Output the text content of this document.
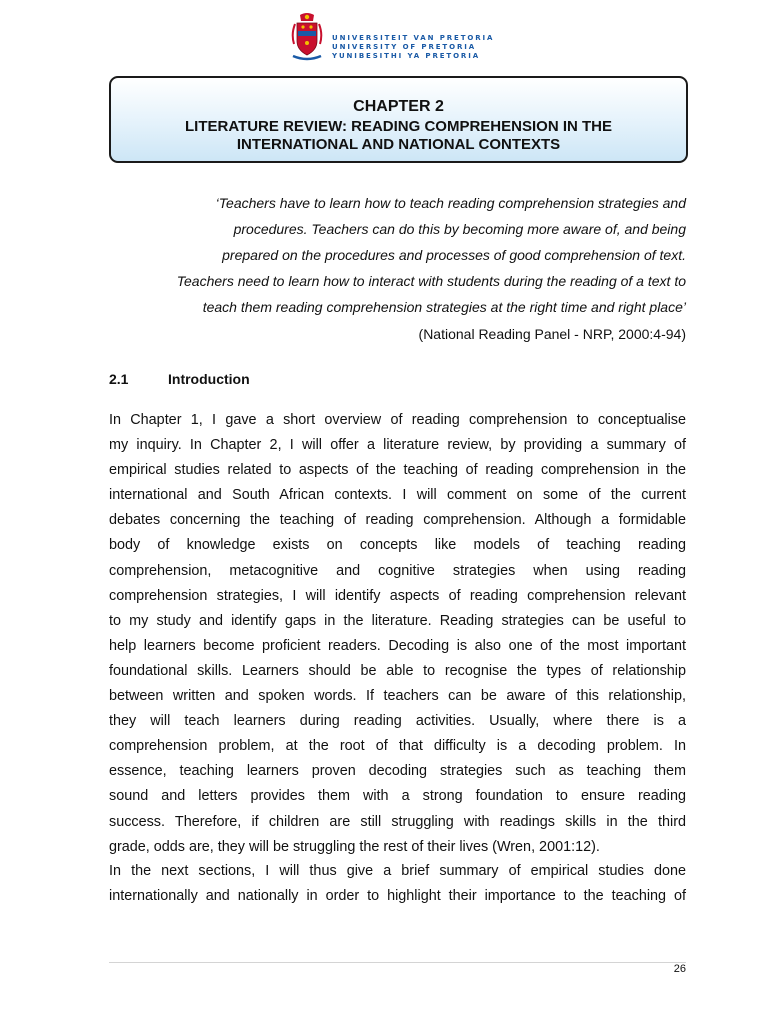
UNIVERSITEIT VAN PRETORIA
UNIVERSITY OF PRETORIA
YUNIBESITHI YA PRETORIA
CHAPTER 2
LITERATURE REVIEW: READING COMPREHENSION IN THE
INTERNATIONAL AND NATIONAL CONTEXTS
‘Teachers have to learn how to teach reading comprehension strategies and
procedures. Teachers can do this by becoming more aware of, and being
prepared on the procedures and processes of good comprehension of text.
Teachers need to learn how to interact with students during the reading of a text to
teach them reading comprehension strategies at the right time and right place’
(National Reading Panel - NRP, 2000:4-94)
2.1	Introduction
In Chapter 1, I gave a short overview of reading comprehension to conceptualise
my inquiry. In Chapter 2, I will offer a literature review, by providing a summary of
empirical studies related to aspects of the teaching of reading comprehension in the
international and South African contexts. I will comment on some of the current
debates concerning the teaching of reading comprehension. Although a formidable
body of knowledge exists on concepts like models of teaching reading
comprehension, metacognitive and cognitive strategies when using reading
comprehension strategies, I will identify aspects of reading comprehension relevant
to my study and identify gaps in the literature. Reading strategies can be useful to
help learners become proficient readers. Decoding is also one of the most important
foundational skills. Learners should be able to recognise the types of relationship
between written and spoken words. If teachers can be aware of this relationship,
they will teach learners during reading activities. Usually, where there is a
comprehension problem, at the root of that difficulty is a decoding problem. In
essence, teaching learners proven decoding strategies such as teaching them
sound and letters provides them with a strong foundation to ensure reading
success. Therefore, if children are still struggling with readings skills in the third
grade, odds are, they will be struggling the rest of their lives (Wren, 2001:12).
In the next sections, I will thus give a brief summary of empirical studies done
internationally and nationally in order to highlight their importance to the teaching of
26
